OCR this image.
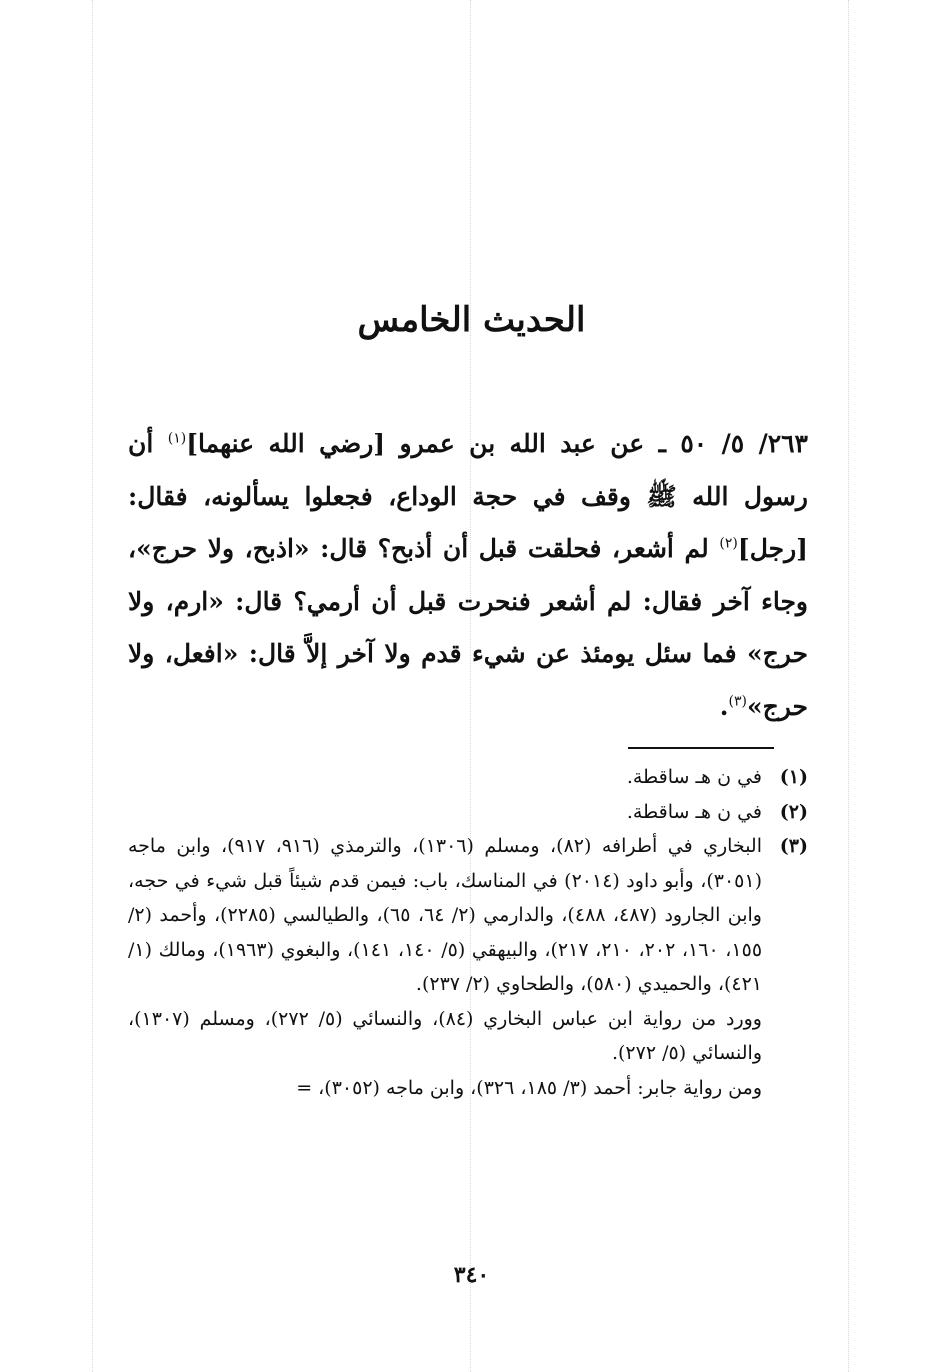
الحديث الخامس

٢٦٣/ ٥/ ٥٠ ـ عن عبد الله بن عمرو [رضي الله عنهما]$^{(١)}$ أن رسول الله ﷺ وقف في حجة الوداع، فجعلوا يسألونه، فقال: [رجل]$^{(٢)}$ لم أشعر، فحلقت قبل أن أذبح؟ قال: «اذبح، ولا حرج»، وجاء آخر فقال: لم أشعر فنحرت قبل أن أرمي؟ قال: «ارم، ولا حرج» فما سئل يومئذ عن شيء قدم ولا آخر إلاَّ قال: «افعل، ولا حرج»$^{(٣)}$.

(١)

في ن هـ ساقطة.

(٢)

في ن هـ ساقطة.

(٣)

البخاري في أطرافه (٨٢)، ومسلم (١٣٠٦)، والترمذي (٩١٦، ٩١٧)، وابن ماجه (٣٠٥١)، وأبو داود (٢٠١٤) في المناسك، باب: فيمن قدم شيئاً قبل شيء في حجه، وابن الجارود (٤٨٧، ٤٨٨)، والدارمي (٢/ ٦٤، ٦٥)، والطيالسي (٢٢٨٥)، وأحمد (٢/ ١٥٥، ١٦٠، ٢٠٢، ٢١٠، ٢١٧)، والبيهقي (٥/ ١٤٠، ١٤١)، والبغوي (١٩٦٣)، ومالك (١/ ٤٢١)، والحميدي (٥٨٠)، والطحاوي (٢/ ٢٣٧).

وورد من رواية ابن عباس البخاري (٨٤)، والنسائي (٥/ ٢٧٢)، ومسلم (١٣٠٧)، والنسائي (٥/ ٢٧٢).

ومن رواية جابر: أحمد (٣/ ١٨٥، ٣٢٦)، وابن ماجه (٣٠٥٢)، =

٣٤٠
